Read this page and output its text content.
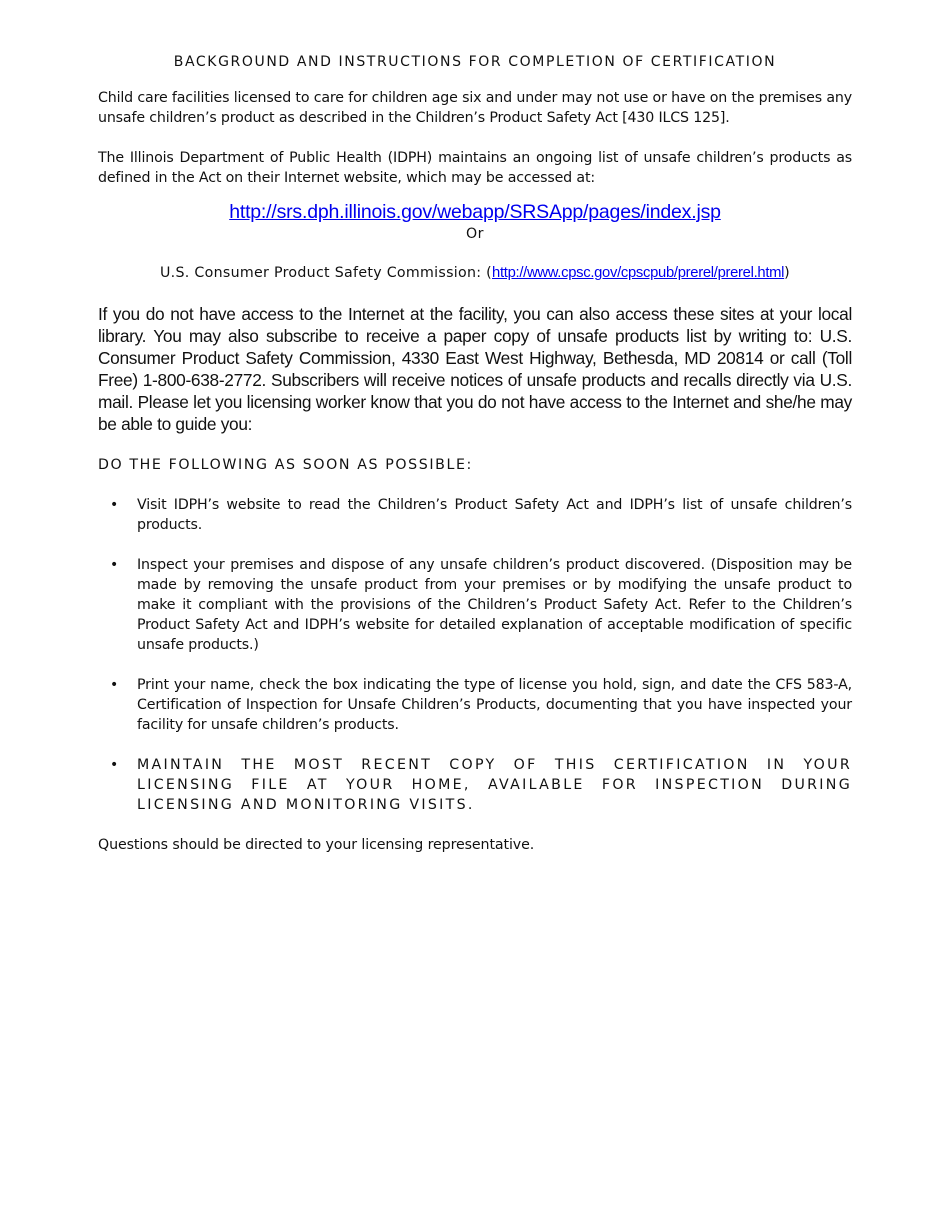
BACKGROUND AND INSTRUCTIONS FOR COMPLETION OF CERTIFICATION

Child care facilities licensed to care for children age six and under may not use or have on the premises any unsafe children’s product as described in the Children’s Product Safety Act [430 ILCS 125].

The Illinois Department of Public Health (IDPH) maintains an ongoing list of unsafe children’s products as defined in the Act on their Internet website, which may be accessed at:

http://srs.dph.illinois.gov/webapp/SRSApp/pages/index.jsp
Or
U.S. Consumer Product Safety Commission: (http://www.cpsc.gov/cpscpub/prerel/prerel.html)

If you do not have access to the Internet at the facility, you can also access these sites at your local library. You may also subscribe to receive a paper copy of unsafe products list by writing to: U.S. Consumer Product Safety Commission, 4330 East West Highway, Bethesda, MD 20814 or call (Toll Free) 1-800-638-2772. Subscribers will receive notices of unsafe products and recalls directly via U.S. mail. Please let you licensing worker know that you do not have access to the Internet and she/he may be able to guide you:

DO THE FOLLOWING AS SOON AS POSSIBLE:
• Visit IDPH’s website to read the Children’s Product Safety Act and IDPH’s list of unsafe children’s products.
• Inspect your premises and dispose of any unsafe children’s product discovered. (Disposition may be made by removing the unsafe product from your premises or by modifying the unsafe product to make it compliant with the provisions of the Children’s Product Safety Act. Refer to the Children’s Product Safety Act and IDPH’s website for detailed explanation of acceptable modification of specific unsafe products.)
• Print your name, check the box indicating the type of license you hold, sign, and date the CFS 583-A, Certification of Inspection for Unsafe Children’s Products, documenting that you have inspected your facility for unsafe children’s products.
• MAINTAIN THE MOST RECENT COPY OF THIS CERTIFICATION IN YOUR LICENSING FILE AT YOUR HOME, AVAILABLE FOR INSPECTION DURING LICENSING AND MONITORING VISITS.

Questions should be directed to your licensing representative.
